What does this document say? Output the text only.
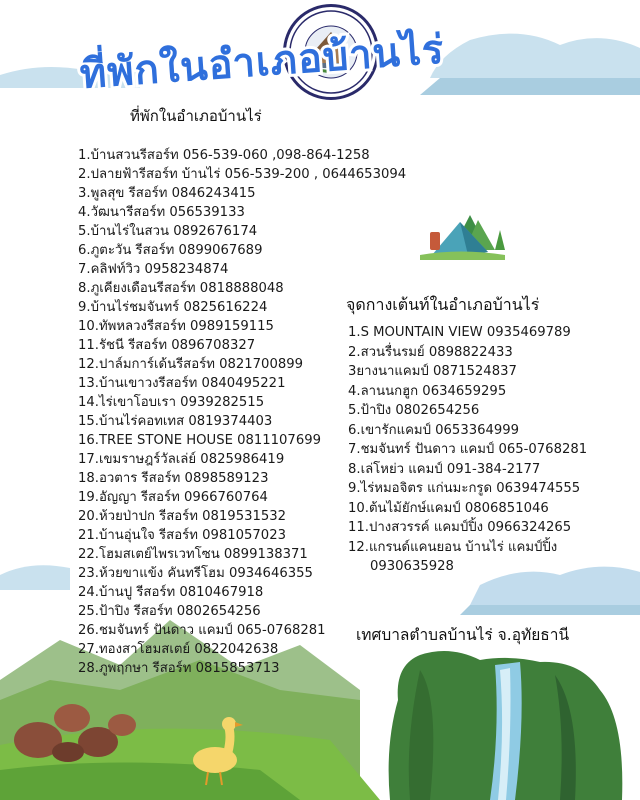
ที่พักในอำเภอบ้านไร่
ที่พักในอำเภอบ้านไร่
1.บ้านสวนรีสอร์ท 056-539-060 ,098-864-1258
2.ปลายฟ้ารีสอร์ท บ้านไร่ 056-539-200 , 0644653094
3.พูลสุข รีสอร์ท 0846243415
4.วัฒนารีสอร์ท 056539133
5.บ้านไร่ในสวน 0892676174
6.ภูตะวัน รีสอร์ท 0899067689
7.คลิฟท์วิว 0958234874
8.ภูเคียงเดือนรีสอร์ท 0818888048
9.บ้านไร่ชมจันทร์ 0825616224
10.ทัพหลวงรีสอร์ท 0989159115
11.รัชนี รีสอร์ท 0896708327
12.ปาล์มการ์เด้นรีสอร์ท 0821700899
13.บ้านเขาวงรีสอร์ท 0840495221
14.ไร่เขาโอบเรา 0939282515
15.บ้านไร่คอทเทส 0819374403
16.TREE STONE HOUSE 0811107699
17.เขมราษฎร์วัลเล่ย์ 0825986419
18.อวตาร รีสอร์ท 0898589123
19.อัญญา รีสอร์ท 0966760764
20.ห้วยป่าปก รีสอร์ท 0819531532
21.บ้านอุ่นใจ รีสอร์ท 0981057023
22.โฮมสเตย์ไพรเวทโซน 0899138371
23.ห้วยขาแข้ง คันทรีโฮม 0934646355
24.บ้านปู รีสอร์ท 0810467918
25.ป้าปิง รีสอร์ท 0802654256
26.ชมจันทร์ ปันดาว แคมป์ 065-0768281
27.ทองสาโฮมสเตย์ 0822042638
28.ภูพฤกษา รีสอร์ท 0815853713
จุดกางเต้นท์ในอำเภอบ้านไร่
1.S MOUNTAIN VIEW 0935469789
2.สวนรื่นรมย์ 0898822433
3ยางนาแคมป์ 0871524837
4.ลานนกฮูก 0634659295
5.ป้าปิง 0802654256
6.เขารักแคมป์ 0653364999
7.ชมจันทร์ ปันดาว แคมป์ 065-0768281
8.เล่โหย่ว แคมป์ 091-384-2177
9.ไร่หมอจิตร แก่นมะกรูด 0639474555
10.ต้นไม้ยักษ์แคมป์ 0806851046
11.ปางสวรรค์ แคมป์ปิ้ง 0966324265
12.แกรนด์แคนยอน บ้านไร่ แคมป์ปิ้ง
0930635928
เทศบาลตำบลบ้านไร่ จ.อุทัยธานี
